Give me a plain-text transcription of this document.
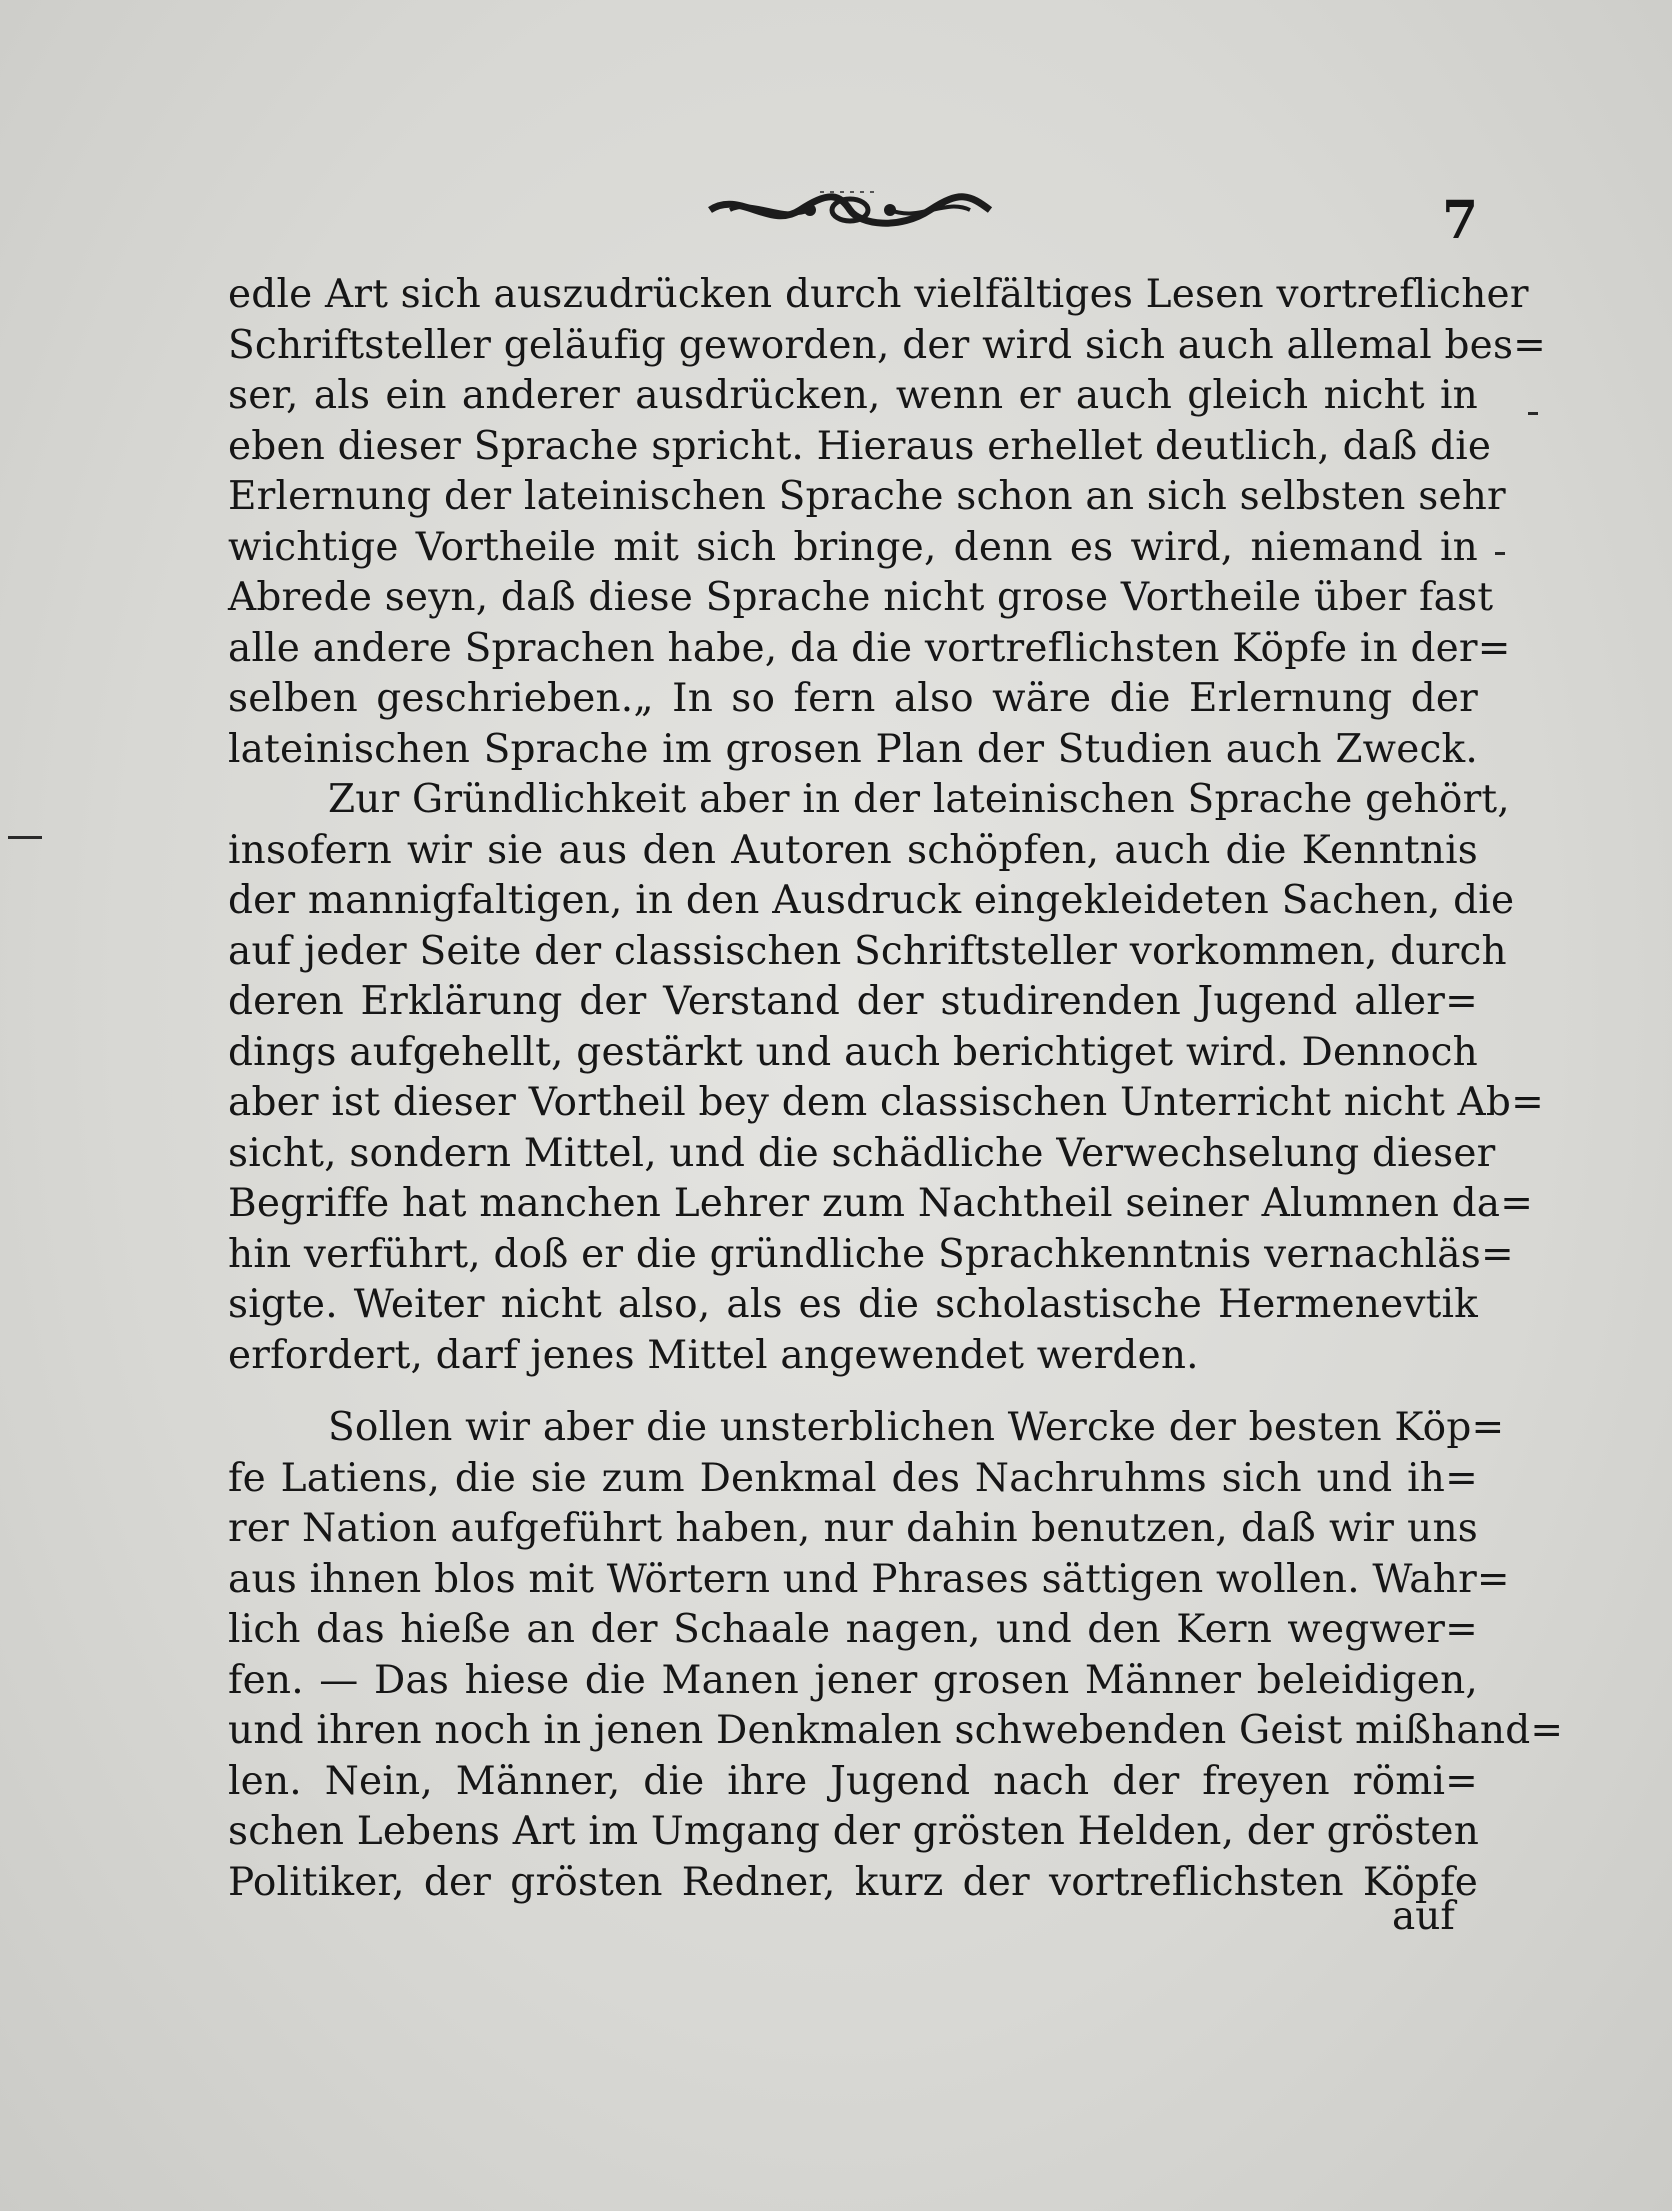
7
edle Art sich auszudrücken durch vielfältiges Lesen vortreflicher
Schriftsteller geläufig geworden, der wird sich auch allemal bes=
ser, als ein anderer ausdrücken, wenn er auch gleich nicht in
eben dieser Sprache spricht. Hieraus erhellet deutlich, daß die
Erlernung der lateinischen Sprache schon an sich selbsten sehr
wichtige Vortheile mit sich bringe, denn es wird, niemand in
Abrede seyn, daß diese Sprache nicht grose Vortheile über fast
alle andere Sprachen habe, da die vortreflichsten Köpfe in der=
selben geschrieben.„ In so fern also wäre die Erlernung der
lateinischen Sprache im grosen Plan der Studien auch Zweck.
Zur Gründlichkeit aber in der lateinischen Sprache gehört,
insofern wir sie aus den Autoren schöpfen, auch die Kenntnis
der mannigfaltigen, in den Ausdruck eingekleideten Sachen, die
auf jeder Seite der classischen Schriftsteller vorkommen, durch
deren Erklärung der Verstand der studirenden Jugend aller=
dings aufgehellt, gestärkt und auch berichtiget wird. Dennoch
aber ist dieser Vortheil bey dem classischen Unterricht nicht Ab=
sicht, sondern Mittel, und die schädliche Verwechselung dieser
Begriffe hat manchen Lehrer zum Nachtheil seiner Alumnen da=
hin verführt, doß er die gründliche Sprachkenntnis vernachläs=
sigte. Weiter nicht also, als es die scholastische Hermenevtik
erfordert, darf jenes Mittel angewendet werden.
Sollen wir aber die unsterblichen Wercke der besten Köp=
fe Latiens, die sie zum Denkmal des Nachruhms sich und ih=
rer Nation aufgeführt haben, nur dahin benutzen, daß wir uns
aus ihnen blos mit Wörtern und Phrases sättigen wollen. Wahr=
lich das hieße an der Schaale nagen, und den Kern wegwer=
fen. — Das hiese die Manen jener grosen Männer beleidigen,
und ihren noch in jenen Denkmalen schwebenden Geist mißhand=
len. Nein, Männer, die ihre Jugend nach der freyen römi=
schen Lebens Art im Umgang der grösten Helden, der grösten
Politiker, der grösten Redner, kurz der vortreflichsten Köpfe
auf
